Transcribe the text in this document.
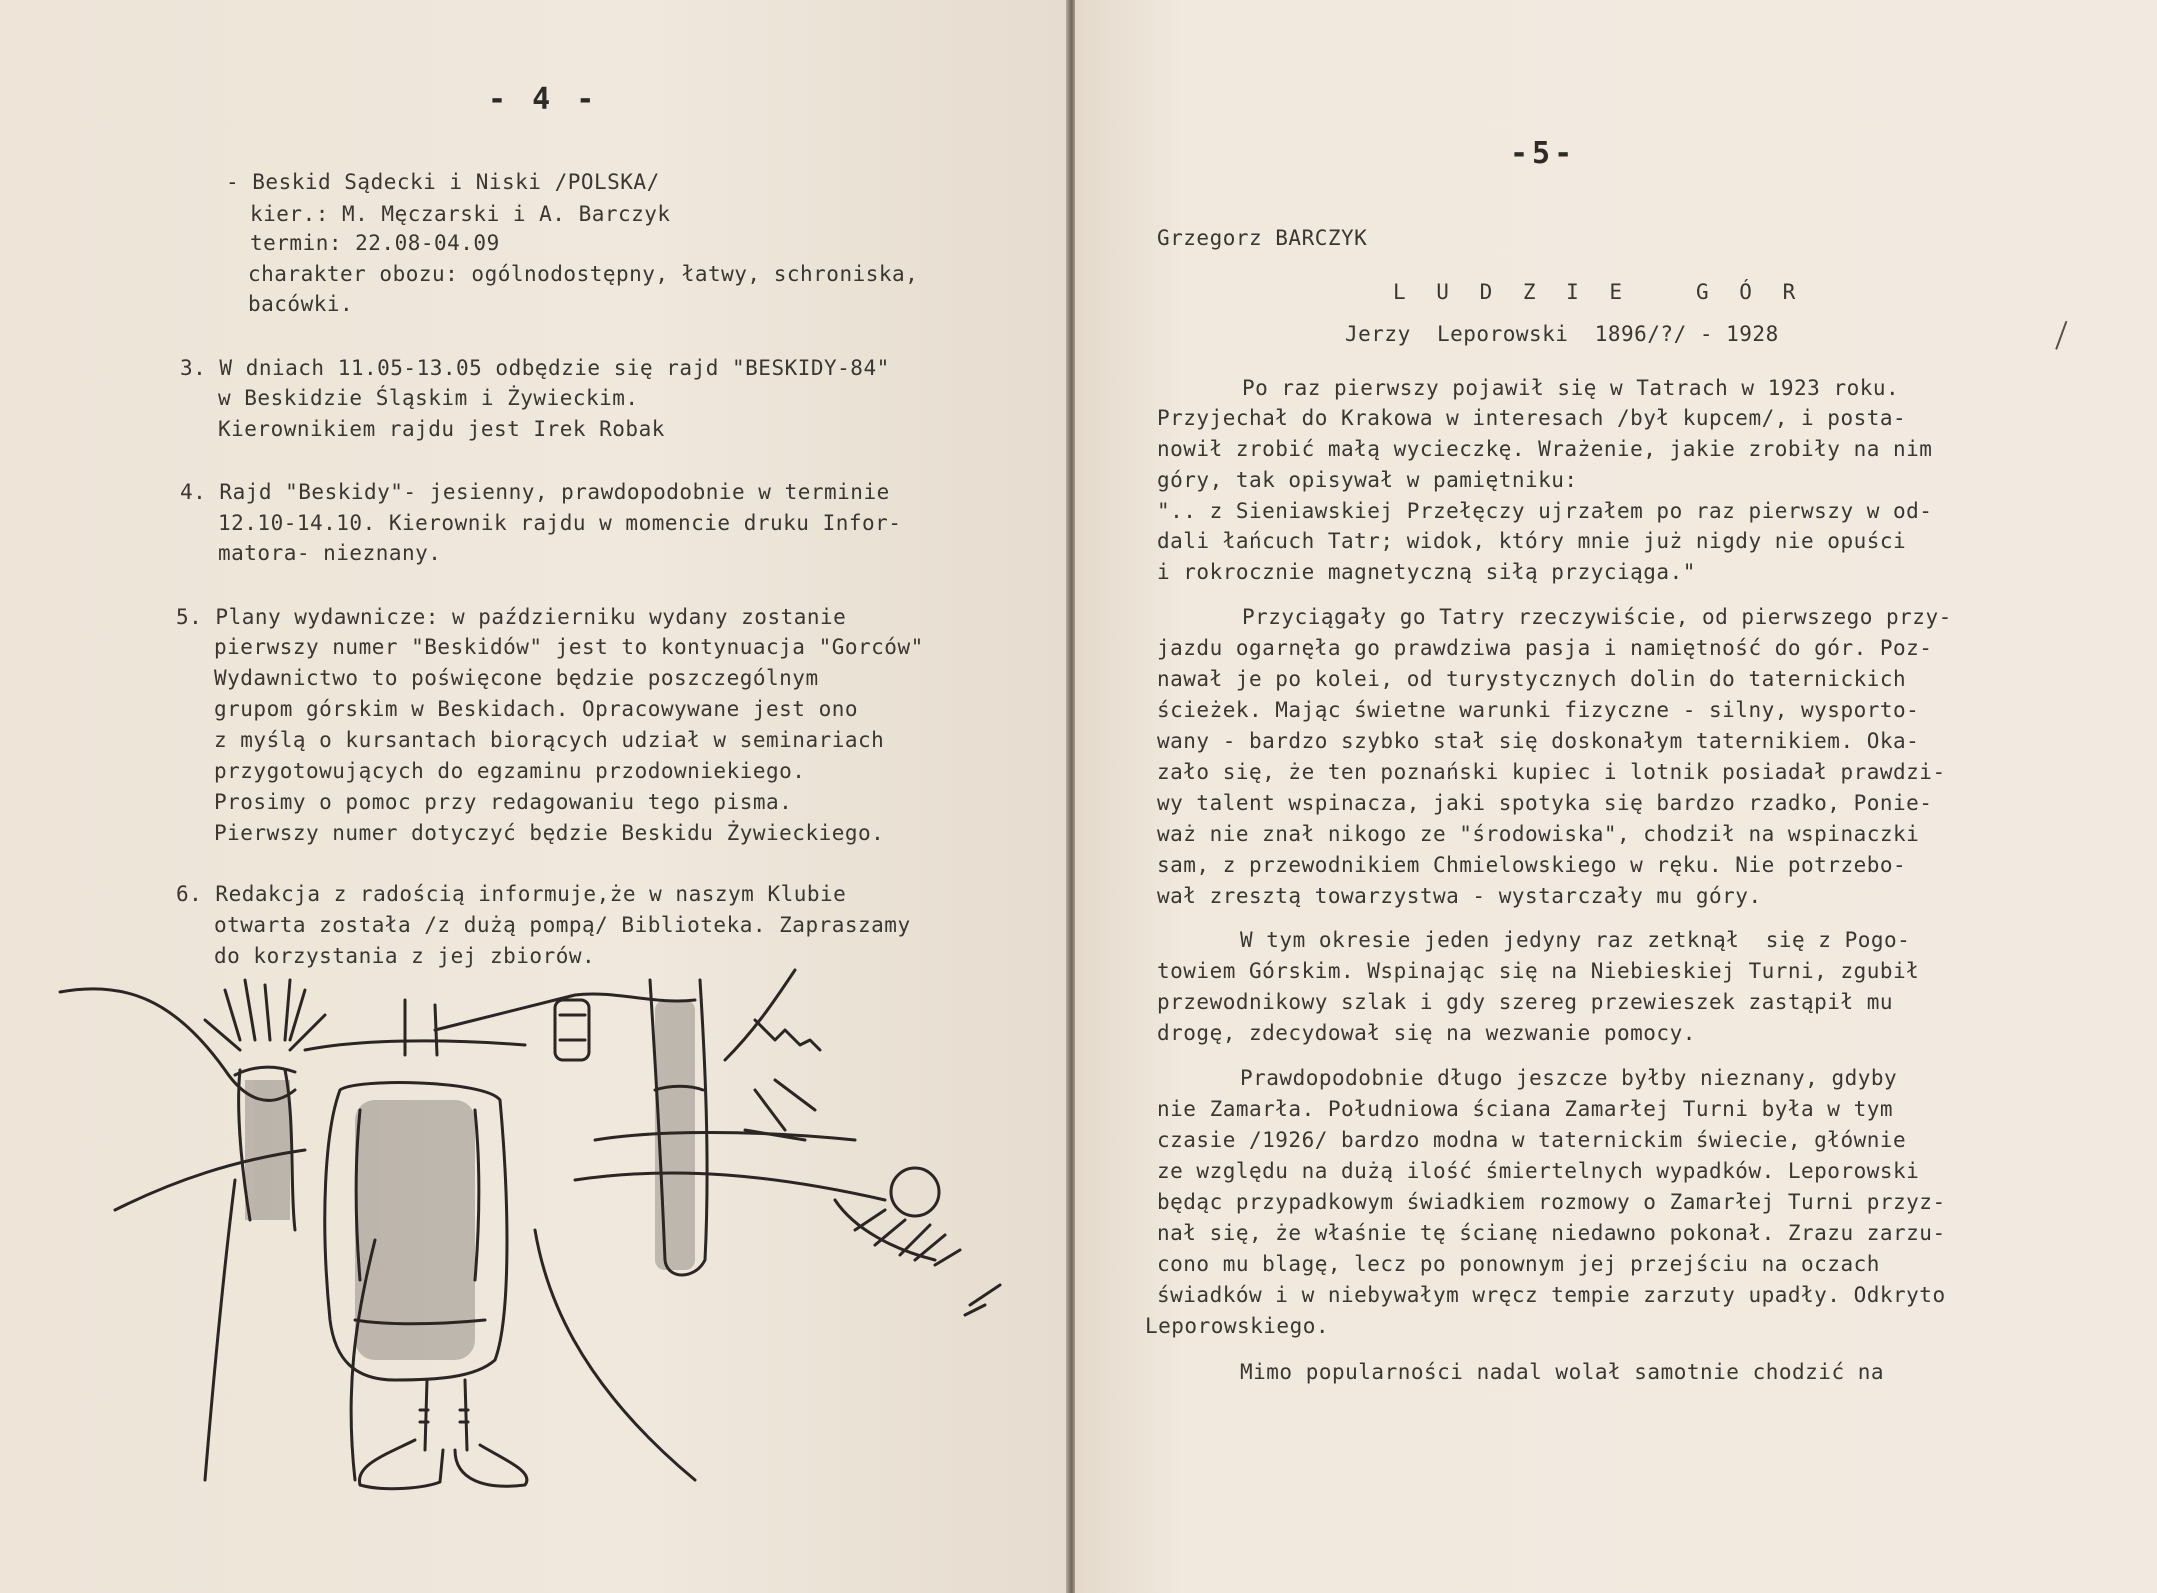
- 4 -
- Beskid Sądecki i Niski /POLSKA/
kier.: M. Męczarski i A. Barczyk
termin: 22.08-04.09
charakter obozu: ogólnodostępny, łatwy, schroniska,
bacówki.
3. W dniach 11.05-13.05 odbędzie się rajd "BESKIDY-84"
w Beskidzie Śląskim i Żywieckim.
Kierownikiem rajdu jest Irek Robak
4. Rajd "Beskidy"- jesienny, prawdopodobnie w terminie
12.10-14.10. Kierownik rajdu w momencie druku Infor-
matora- nieznany.
5. Plany wydawnicze: w październiku wydany zostanie
pierwszy numer "Beskidów" jest to kontynuacja "Gorców"
Wydawnictwo to poświęcone będzie poszczególnym
grupom górskim w Beskidach. Opracowywane jest ono
z myślą o kursantach biorących udział w seminariach
przygotowujących do egzaminu przodowniekiego.
Prosimy o pomoc przy redagowaniu tego pisma.
Pierwszy numer dotyczyć będzie Beskidu Żywieckiego.
6. Redakcja z radością informuje,że w naszym Klubie
otwarta została /z dużą pompą/ Biblioteka. Zapraszamy
do korzystania z jej zbiorów.
-5-
Grzegorz BARCZYK
L U D Z I E   G Ó R
Jerzy  Leporowski  1896/?/ - 1928
Po raz pierwszy pojawił się w Tatrach w 1923 roku.
Przyjechał do Krakowa w interesach /był kupcem/, i posta-
nowił zrobić małą wycieczkę. Wrażenie, jakie zrobiły na nim
góry, tak opisywał w pamiętniku:
".. z Sieniawskiej Przełęczy ujrzałem po raz pierwszy w od-
dali łańcuch Tatr; widok, który mnie już nigdy nie opuści
i rokrocznie magnetyczną siłą przyciąga."
Przyciągały go Tatry rzeczywiście, od pierwszego przy-
jazdu ogarnęła go prawdziwa pasja i namiętność do gór. Poz-
nawał je po kolei, od turystycznych dolin do taternickich
ścieżek. Mając świetne warunki fizyczne - silny, wysporto-
wany - bardzo szybko stał się doskonałym taternikiem. Oka-
zało się, że ten poznański kupiec i lotnik posiadał prawdzi-
wy talent wspinacza, jaki spotyka się bardzo rzadko, Ponie-
waż nie znał nikogo ze "środowiska", chodził na wspinaczki
sam, z przewodnikiem Chmielowskiego w ręku. Nie potrzebo-
wał zresztą towarzystwa - wystarczały mu góry.
W tym okresie jeden jedyny raz zetknął  się z Pogo-
towiem Górskim. Wspinając się na Niebieskiej Turni, zgubił
przewodnikowy szlak i gdy szereg przewieszek zastąpił mu
drogę, zdecydował się na wezwanie pomocy.
Prawdopodobnie długo jeszcze byłby nieznany, gdyby
nie Zamarła. Południowa ściana Zamarłej Turni była w tym
czasie /1926/ bardzo modna w taternickim świecie, głównie
ze względu na dużą ilość śmiertelnych wypadków. Leporowski
będąc przypadkowym świadkiem rozmowy o Zamarłej Turni przyz-
nał się, że właśnie tę ścianę niedawno pokonał. Zrazu zarzu-
cono mu blagę, lecz po ponownym jej przejściu na oczach
świadków i w niebywałym wręcz tempie zarzuty upadły. Odkryto
Leporowskiego.
Mimo popularności nadal wolał samotnie chodzić na
